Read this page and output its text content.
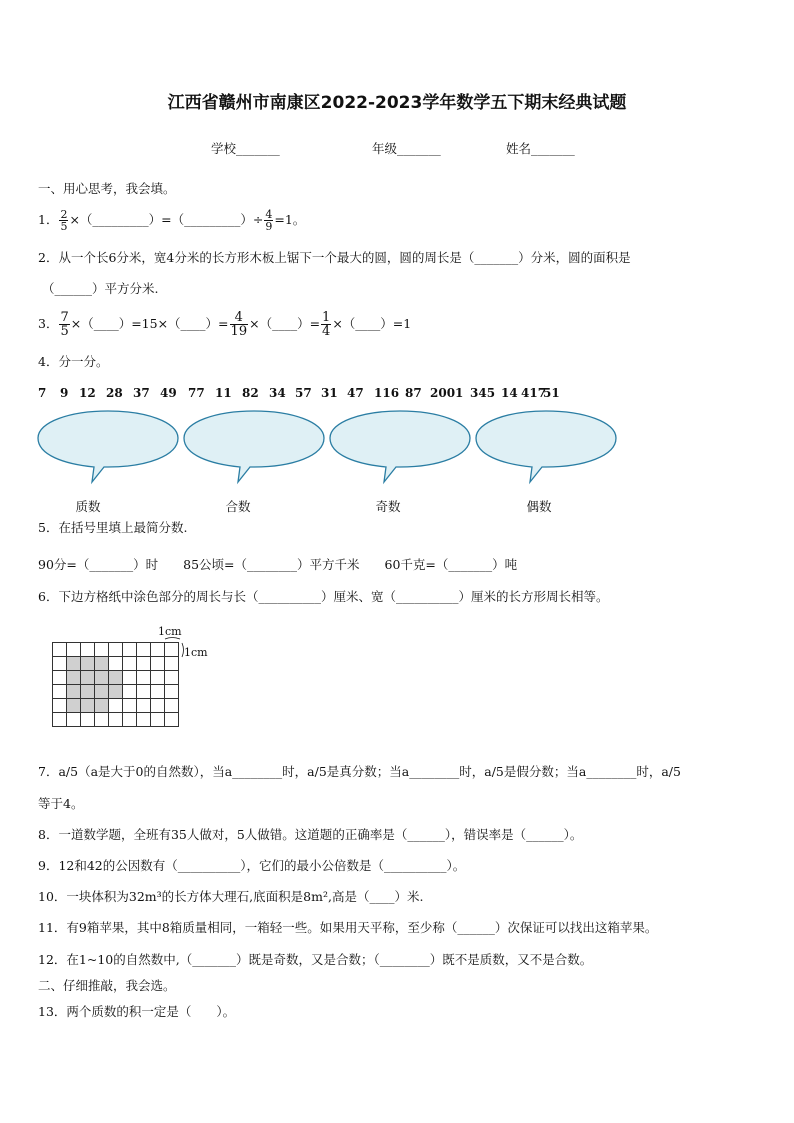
江西省赣州市南康区2022-2023学年数学五下期末经典试题
学校_______	年级_______	姓名_______
一、用心思考，我会填。
1． $\frac{2}{5}$ ×（_________）=（_________）÷ $\frac{4}{9} =1$。
2．从一个长6分米，宽4分米的长方形木板上锯下一个最大的圆，圆的周长是（_______）分米，圆的面积是
（______）平方分米.
3． $\frac{7}{5}$ ×（____）=15×（____）= $\frac{4}{19}$ ×（____）= $\frac{1}{4}$ ×（____）=1
4．分一分。
7 9 12 28 37 49 77 11 82 34 57 31 47 116 87 2001 345 14 41751
质数	合数	奇数	偶数
5．在括号里填上最简分数.
90分=（_______）时　　85公顷=（________）平方千米　　60千克=（_______）吨
6．下边方格纸中涂色部分的周长与长（__________）厘米、宽（__________）厘米的长方形周长相等。
1cm
1cm

7．a/5（a是大于0的自然数），当a________时，a/5是真分数；当a________时，a/5是假分数；当a________时，a/5
等于4。
8．一道数学题，全班有35人做对，5人做错。这道题的正确率是（______），错误率是（______）。
9．12和42的公因数有（__________），它们的最小公倍数是（__________）。
10．一块体积为32m³的长方体大理石,底面积是8m²,高是（____）米.
11．有9箱苹果，其中8箱质量相同，一箱轻一些。如果用天平称，至少称（______）次保证可以找出这箱苹果。
12．在1~10的自然数中,（_______）既是奇数，又是合数；（________）既不是质数，又不是合数。
二、仔细推敲，我会选。
13．两个质数的积一定是（　　）。
